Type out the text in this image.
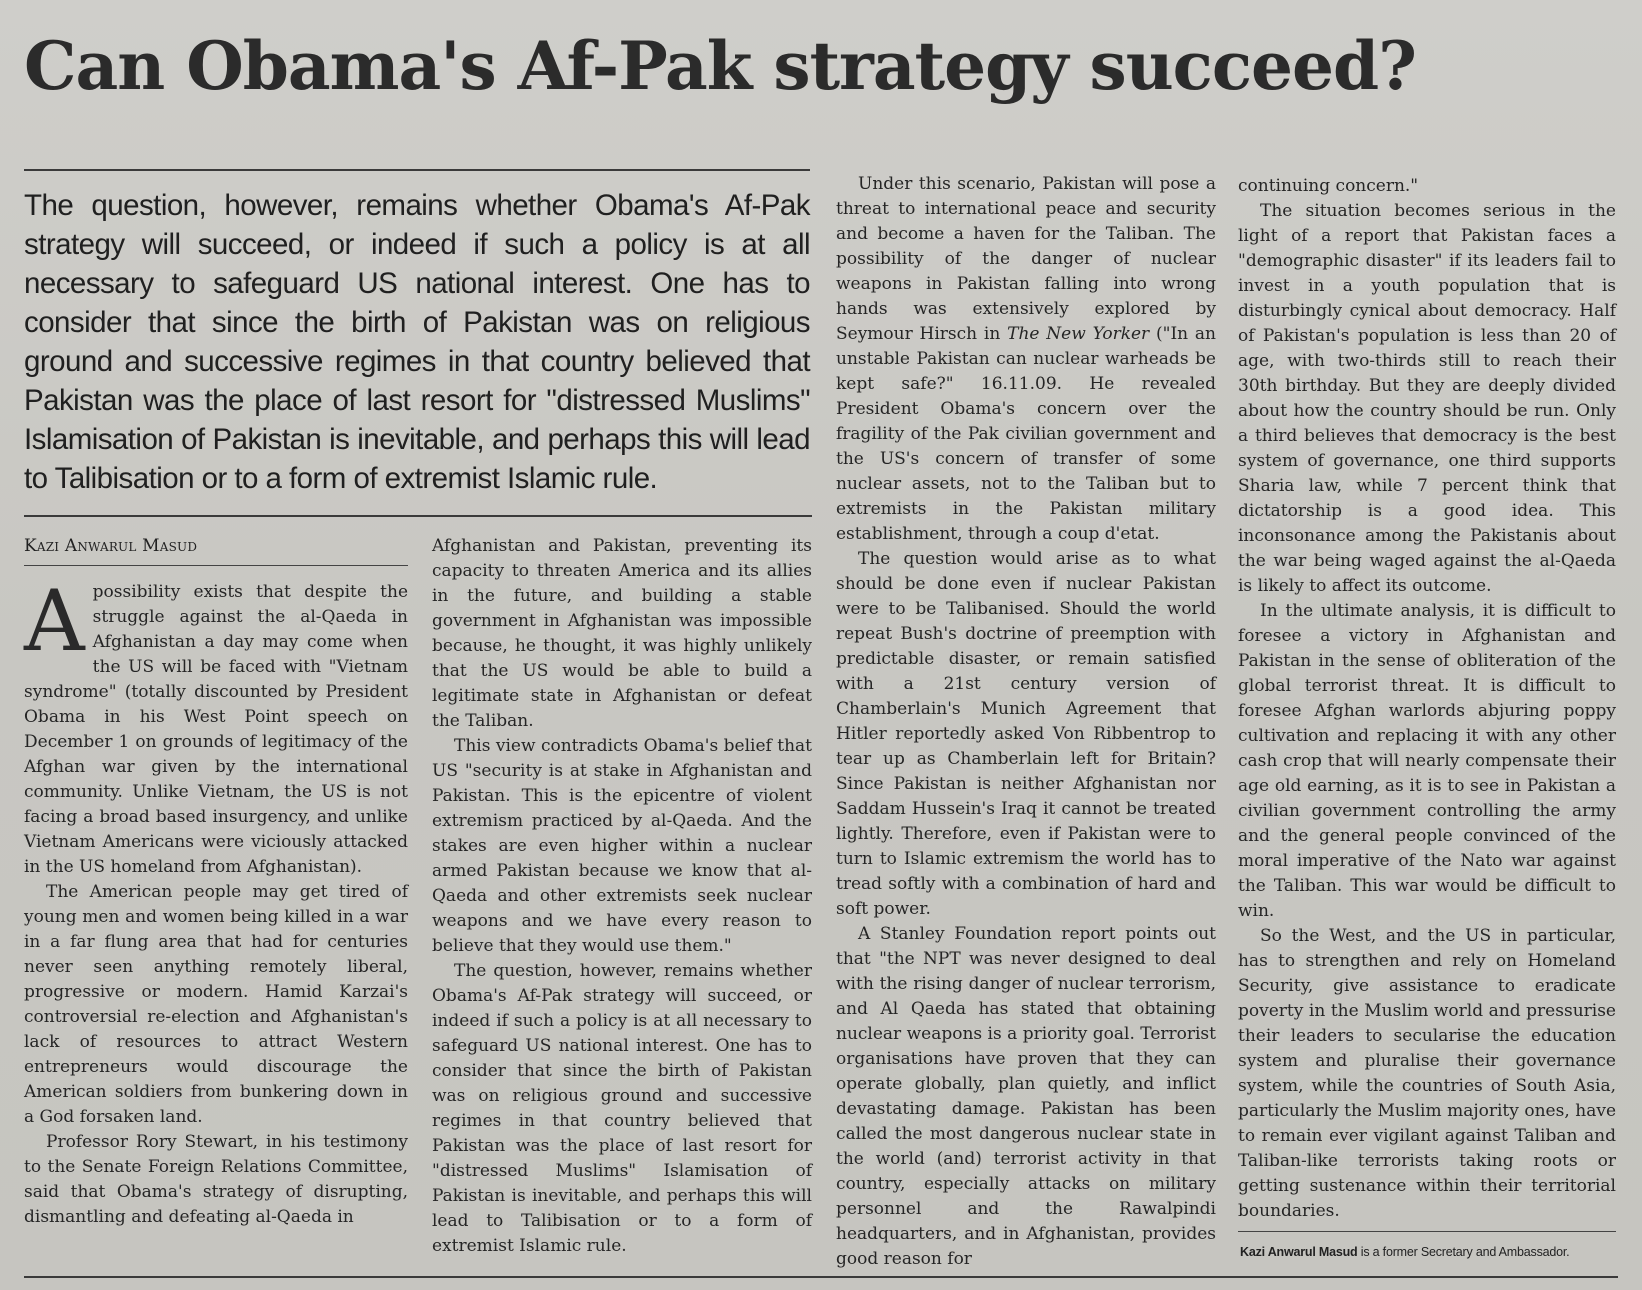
Can Obama's Af-Pak strategy succeed?

The question, however, remains whether Obama's Af-Pak strategy will succeed, or indeed if such a policy is at all necessary to safeguard US national interest. One has to consider that since the birth of Pakistan was on religious ground and successive regimes in that country believed that Pakistan was the place of last resort for "distressed Muslims" Islamisation of Pakistan is inevitable, and perhaps this will lead to Talibisation or to a form of extremist Islamic rule.

Kazi Anwarul Masud

Apossibility exists that despite the struggle against the al-Qaeda in Afghanistan a day may come when the US will be faced with "Vietnam syndrome" (totally discounted by President Obama in his West Point speech on December 1 on grounds of legitimacy of the Afghan war given by the international community. Unlike Vietnam, the US is not facing a broad based insurgency, and unlike Vietnam Americans were viciously attacked in the US homeland from Afghanistan).

The American people may get tired of young men and women being killed in a war in a far flung area that had for centuries never seen anything remotely liberal, progressive or modern. Hamid Karzai's controversial re-election and Afghanistan's lack of resources to attract Western entrepreneurs would discourage the American soldiers from bunkering down in a God forsaken land.

Professor Rory Stewart, in his testimony to the Senate Foreign Relations Committee, said that Obama's strategy of disrupting, dismantling and defeating al-Qaeda in

Afghanistan and Pakistan, preventing its capacity to threaten America and its allies in the future, and building a stable government in Afghanistan was impossible because, he thought, it was highly unlikely that the US would be able to build a legitimate state in Afghanistan or defeat the Taliban.

This view contradicts Obama's belief that US "security is at stake in Afghanistan and Pakistan. This is the epicentre of violent extremism practiced by al-Qaeda. And the stakes are even higher within a nuclear armed Pakistan because we know that al-Qaeda and other extremists seek nuclear weapons and we have every reason to believe that they would use them."

The question, however, remains whether Obama's Af-Pak strategy will succeed, or indeed if such a policy is at all necessary to safeguard US national interest. One has to consider that since the birth of Pakistan was on religious ground and successive regimes in that country believed that Pakistan was the place of last resort for "distressed Muslims" Islamisation of Pakistan is inevitable, and perhaps this will lead to Talibisation or to a form of extremist Islamic rule.

Under this scenario, Pakistan will pose a threat to international peace and security and become a haven for the Taliban. The possibility of the danger of nuclear weapons in Pakistan falling into wrong hands was extensively explored by Seymour Hirsch in The New Yorker ("In an unstable Pakistan can nuclear warheads be kept safe?" 16.11.09. He revealed President Obama's concern over the fragility of the Pak civilian government and the US's concern of transfer of some nuclear assets, not to the Taliban but to extremists in the Pakistan military establishment, through a coup d'etat.

The question would arise as to what should be done even if nuclear Pakistan were to be Talibanised. Should the world repeat Bush's doctrine of preemption with predictable disaster, or remain satisfied with a 21st century version of Chamberlain's Munich Agreement that Hitler reportedly asked Von Ribbentrop to tear up as Chamberlain left for Britain? Since Pakistan is neither Afghanistan nor Saddam Hussein's Iraq it cannot be treated lightly. Therefore, even if Pakistan were to turn to Islamic extremism the world has to tread softly with a combination of hard and soft power.

A Stanley Foundation report points out that "the NPT was never designed to deal with the rising danger of nuclear terrorism, and Al Qaeda has stated that obtaining nuclear weapons is a priority goal. Terrorist organisations have proven that they can operate globally, plan quietly, and inflict devastating damage. Pakistan has been called the most dangerous nuclear state in the world (and) terrorist activity in that country, especially attacks on military personnel and the Rawalpindi headquarters, and in Afghanistan, provides good reason for

continuing concern."

The situation becomes serious in the light of a report that Pakistan faces a "demographic disaster" if its leaders fail to invest in a youth population that is disturbingly cynical about democracy. Half of Pakistan's population is less than 20 of age, with two-thirds still to reach their 30th birthday. But they are deeply divided about how the country should be run. Only a third believes that democracy is the best system of governance, one third supports Sharia law, while 7 percent think that dictatorship is a good idea. This inconsonance among the Pakistanis about the war being waged against the al-Qaeda is likely to affect its outcome.

In the ultimate analysis, it is difficult to foresee a victory in Afghanistan and Pakistan in the sense of obliteration of the global terrorist threat. It is difficult to foresee Afghan warlords abjuring poppy cultivation and replacing it with any other cash crop that will nearly compensate their age old earning, as it is to see in Pakistan a civilian government controlling the army and the general people convinced of the moral imperative of the Nato war against the Taliban. This war would be difficult to win.

So the West, and the US in particular, has to strengthen and rely on Homeland Security, give assistance to eradicate poverty in the Muslim world and pressurise their leaders to secularise the education system and pluralise their governance system, while the countries of South Asia, particularly the Muslim majority ones, have to remain ever vigilant against Taliban and Taliban-like terrorists taking roots or getting sustenance within their territorial boundaries.

Kazi Anwarul Masud is a former Secretary and Ambassador.
